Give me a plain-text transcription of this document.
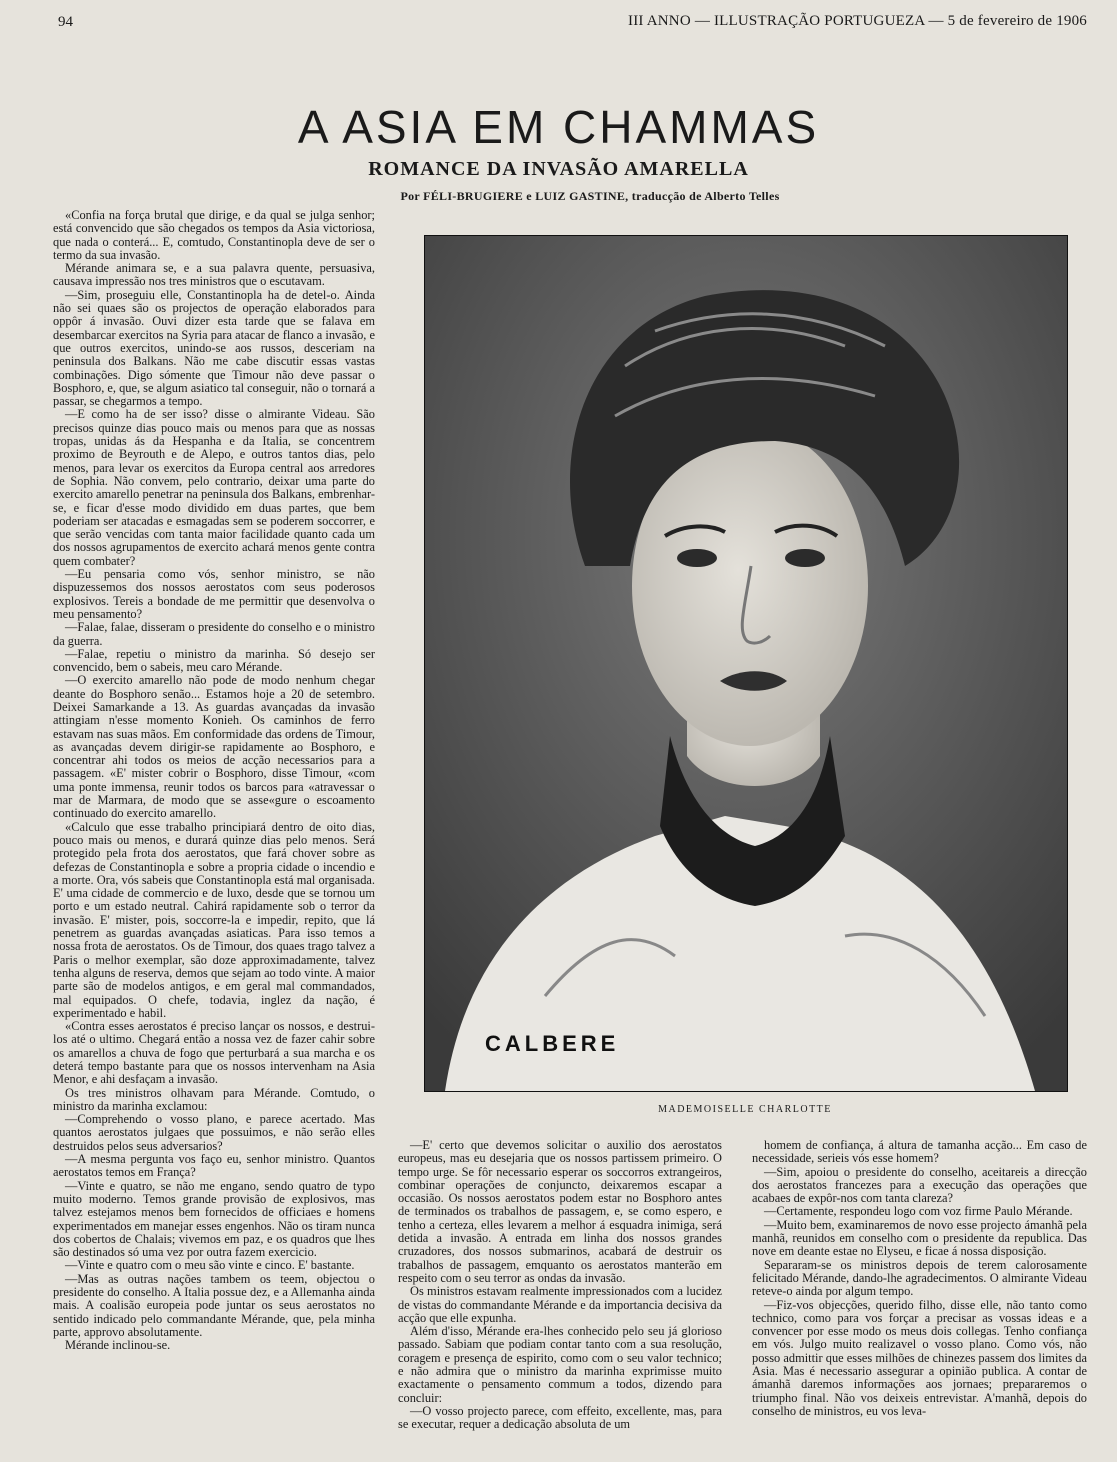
94	III ANNO — ILLUSTRAÇÃO PORTUGUEZA — 5 de fevereiro de 1906
A ASIA EM CHAMMAS
ROMANCE DA INVASÃO AMARELLA
Por FÉLI-BRUGIERE e LUIZ GASTINE, traducção de Alberto Telles

«Confia na força brutal que dirige, e da qual se julga senhor; está convencido que são chegados os tempos da Asia victoriosa, que nada o conterá... E, comtudo, Constantinopla deve de ser o termo da sua invasão.

Mérande animara se, e a sua palavra quente, persuasiva, causava impressão nos tres ministros que o escutavam.

—Sim, proseguiu elle, Constantinopla ha de detel-o. Ainda não sei quaes são os projectos de operação elaborados para oppôr á invasão. Ouvi dizer esta tarde que se falava em desembarcar exercitos na Syria para atacar de flanco a invasão, e que outros exercitos, unindo-se aos russos, desceriam na peninsula dos Balkans. Não me cabe discutir essas vastas combinações. Digo sómente que Timour não deve passar o Bosphoro, e, que, se algum asiatico tal conseguir, não o tornará a passar, se chegarmos a tempo.

—E como ha de ser isso? disse o almirante Videau. São precisos quinze dias pouco mais ou menos para que as nossas tropas, unidas ás da Hespanha e da Italia, se concentrem proximo de Beyrouth e de Alepo, e outros tantos dias, pelo menos, para levar os exercitos da Europa central aos arredores de Sophia. Não convem, pelo contrario, deixar uma parte do exercito amarello penetrar na peninsula dos Balkans, embrenhar-se, e ficar d'esse modo dividido em duas partes, que bem poderiam ser atacadas e esmagadas sem se poderem soccorrer, e que serão vencidas com tanta maior facilidade quanto cada um dos nossos agrupamentos de exercito achará menos gente contra quem combater?

—Eu pensaria como vós, senhor ministro, se não dispuzessemos dos nossos aerostatos com seus poderosos explosivos. Tereis a bondade de me permittir que desenvolva o meu pensamento?

—Falae, falae, disseram o presidente do conselho e o ministro da guerra.

—Falae, repetiu o ministro da marinha. Só desejo ser convencido, bem o sabeis, meu caro Mérande.

—O exercito amarello não pode de modo nenhum chegar deante do Bosphoro senão... Estamos hoje a 20 de setembro. Deixei Samarkande a 13. As guardas avançadas da invasão attingiam n'esse momento Konieh. Os caminhos de ferro estavam nas suas mãos. Em conformidade das ordens de Timour, as avançadas devem dirigir-se rapidamente ao Bosphoro, e concentrar ahi todos os meios de acção necessarios para a passagem. «E' mister cobrir o Bosphoro, disse Timour, «com uma ponte immensa, reunir todos os barcos para «atravessar o mar de Marmara, de modo que se asse«gure o escoamento continuado do exercito amarello.

«Calculo que esse trabalho principiará dentro de oito dias, pouco mais ou menos, e durará quinze dias pelo menos. Será protegido pela frota dos aerostatos, que fará chover sobre as defezas de Constantinopla e sobre a propria cidade o incendio e a morte. Ora, vós sabeis que Constantinopla está mal organisada. E' uma cidade de commercio e de luxo, desde que se tornou um porto e um estado neutral. Cahirá rapidamente sob o terror da invasão. E' mister, pois, soccorre-la e impedir, repito, que lá penetrem as guardas avançadas asiaticas. Para isso temos a nossa frota de aerostatos. Os de Timour, dos quaes trago talvez a Paris o melhor exemplar, são doze approximadamente, talvez tenha alguns de reserva, demos que sejam ao todo vinte. A maior parte são de modelos antigos, e em geral mal commandados, mal equipados. O chefe, todavia, inglez da nação, é experimentado e habil.

«Contra esses aerostatos é preciso lançar os nossos, e destrui-los até o ultimo. Chegará então a nossa vez de fazer cahir sobre os amarellos a chuva de fogo que perturbará a sua marcha e os deterá tempo bastante para que os nossos intervenham na Asia Menor, e ahi desfaçam a invasão.

Os tres ministros olhavam para Mérande. Comtudo, o ministro da marinha exclamou:

—Comprehendo o vosso plano, e parece acertado. Mas quantos aerostatos julgaes que possuimos, e não serão elles destruidos pelos seus adversarios?

—A mesma pergunta vos faço eu, senhor ministro. Quantos aerostatos temos em França?

—Vinte e quatro, se não me engano, sendo quatro de typo muito moderno. Temos grande provisão de explosivos, mas talvez estejamos menos bem fornecidos de officiaes e homens experimentados em manejar esses engenhos. Não os tiram nunca dos cobertos de Chalais; vivemos em paz, e os quadros que lhes são destinados só uma vez por outra fazem exercicio.

—Vinte e quatro com o meu são vinte e cinco. E' bastante.

—Mas as outras nações tambem os teem, objectou o presidente do conselho. A Italia possue dez, e a Allemanha ainda mais. A coalisão europeia pode juntar os seus aerostatos no sentido indicado pelo commandante Mérande, que, pela minha parte, approvo absolutamente.

Mérande inclinou-se.

CALBERE
MADEMOISELLE CHARLOTTE

—E' certo que devemos solicitar o auxilio dos aerostatos europeus, mas eu desejaria que os nossos partissem primeiro. O tempo urge. Se fôr necessario esperar os soccorros extrangeiros, combinar operações de conjuncto, deixaremos escapar a occasião. Os nossos aerostatos podem estar no Bosphoro antes de terminados os trabalhos de passagem, e, se como espero, e tenho a certeza, elles levarem a melhor á esquadra inimiga, será detida a invasão. A entrada em linha dos nossos grandes cruzadores, dos nossos submarinos, acabará de destruir os trabalhos de passagem, emquanto os aerostatos manterão em respeito com o seu terror as ondas da invasão.

Os ministros estavam realmente impressionados com a lucidez de vistas do commandante Mérande e da importancia decisiva da acção que elle expunha.

Além d'isso, Mérande era-lhes conhecido pelo seu já glorioso passado. Sabiam que podiam contar tanto com a sua resolução, coragem e presença de espirito, como com o seu valor technico; e não admira que o ministro da marinha exprimisse muito exactamente o pensamento commum a todos, dizendo para concluir:

—O vosso projecto parece, com effeito, excellente, mas, para se executar, requer a dedicação absoluta de um

homem de confiança, á altura de tamanha acção... Em caso de necessidade, serieis vós esse homem?

—Sim, apoiou o presidente do conselho, aceitareis a direcção dos aerostatos francezes para a execução das operações que acabaes de expôr-nos com tanta clareza?

—Certamente, respondeu logo com voz firme Paulo Mérande.

—Muito bem, examinaremos de novo esse projecto ámanhã pela manhã, reunidos em conselho com o presidente da republica. Das nove em deante estae no Elyseu, e ficae á nossa disposição.

Separaram-se os ministros depois de terem calorosamente felicitado Mérande, dando-lhe agradecimentos. O almirante Videau reteve-o ainda por algum tempo.

—Fiz-vos objecções, querido filho, disse elle, não tanto como technico, como para vos forçar a precisar as vossas ideas e a convencer por esse modo os meus dois collegas. Tenho confiança em vós. Julgo muito realizavel o vosso plano. Como vós, não posso admittir que esses milhões de chinezes passem dos limites da Asia. Mas é necessario assegurar a opinião publica. A contar de ámanhã daremos informações aos jornaes; prepararemos o triumpho final. Não vos deixeis entrevistar. A'manhã, depois do conselho de ministros, eu vos leva-
